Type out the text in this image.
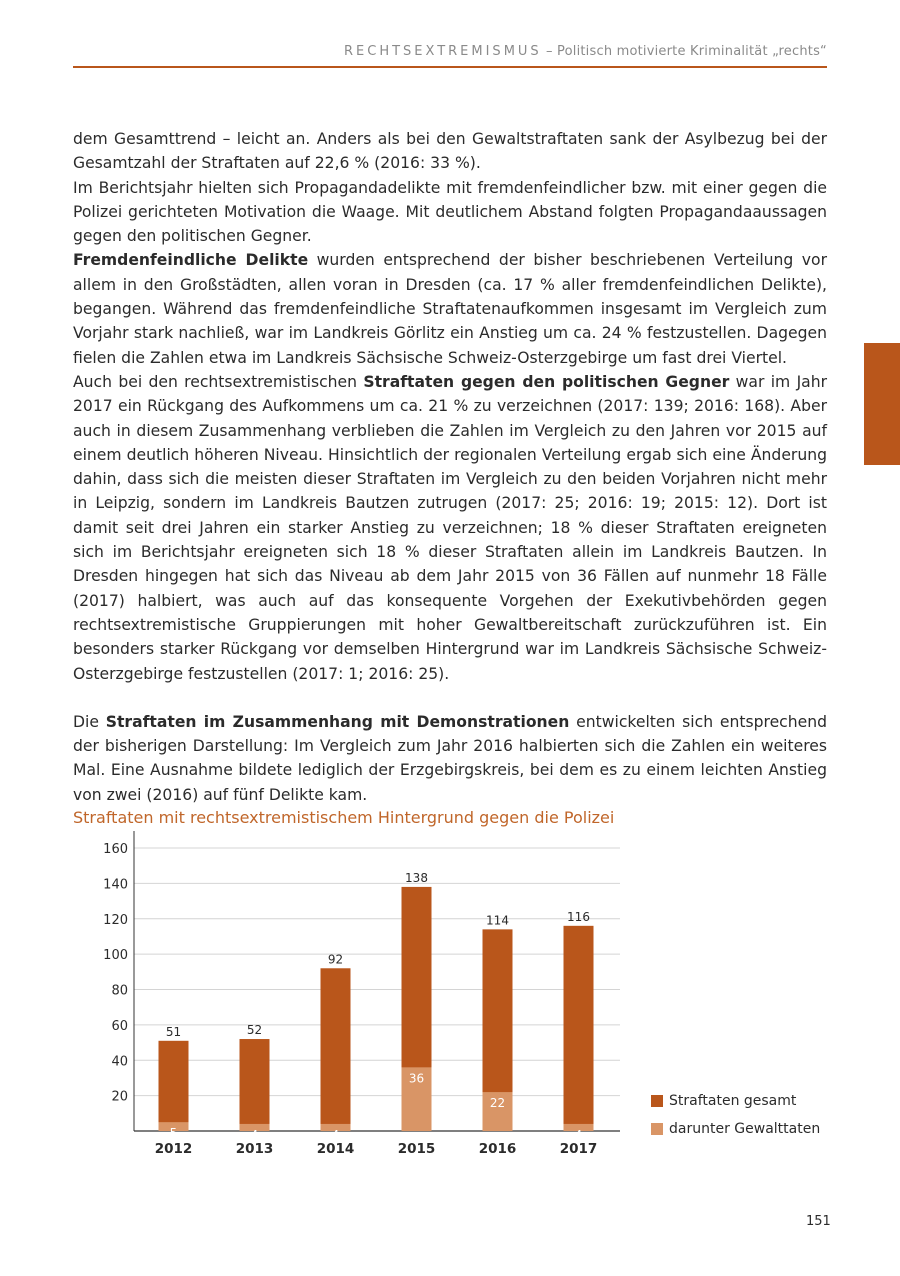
RECHTSEXTREMISMUS – Politisch motivierte Kriminalität „rechts“

dem Gesamttrend – leicht an. Anders als bei den Gewaltstraftaten sank der Asylbezug bei der Gesamtzahl der Straftaten auf 22,6 % (2016: 33 %).

Im Berichtsjahr hielten sich Propagandadelikte mit fremdenfeindlicher bzw. mit einer gegen die Polizei gerichteten Motivation die Waage. Mit deutlichem Abstand folgten Propagandaaussagen gegen den politischen Gegner.

Fremdenfeindliche Delikte wurden entsprechend der bisher beschriebenen Verteilung vor allem in den Großstädten, allen voran in Dresden (ca. 17 % aller fremdenfeindlichen Delikte), begangen. Während das fremdenfeindliche Straftatenaufkommen insgesamt im Vergleich zum Vorjahr stark nachließ, war im Landkreis Görlitz ein Anstieg um ca. 24 % festzustellen. Dagegen fielen die Zahlen etwa im Landkreis Sächsische Schweiz-Osterzgebirge um fast drei Viertel.

Auch bei den rechtsextremistischen Straftaten gegen den politischen Gegner war im Jahr 2017 ein Rückgang des Aufkommens um ca. 21 % zu verzeichnen (2017: 139; 2016: 168). Aber auch in diesem Zusammenhang verblieben die Zahlen im Vergleich zu den Jahren vor 2015 auf einem deutlich höheren Niveau. Hinsichtlich der regionalen Verteilung ergab sich eine Änderung dahin, dass sich die meisten dieser Straftaten im Vergleich zu den beiden Vorjahren nicht mehr in Leipzig, sondern im Landkreis Bautzen zutrugen (2017: 25; 2016: 19; 2015: 12). Dort ist damit seit drei Jahren ein starker Anstieg zu verzeichnen; 18 % dieser Straftaten ereigneten sich im Berichtsjahr ereigneten sich 18 % dieser Straftaten allein im Landkreis Bautzen. In Dresden hingegen hat sich das Niveau ab dem Jahr 2015 von 36 Fällen auf nunmehr 18 Fälle (2017) halbiert, was auch auf das konsequente Vorgehen der Exekutivbehörden gegen rechtsextremistische Gruppierungen mit hoher Gewaltbereitschaft zurückzuführen ist. Ein besonders starker Rückgang vor demselben Hintergrund war im Landkreis Sächsische Schweiz-Osterzgebirge festzustellen (2017: 1; 2016: 25).

Die Straftaten im Zusammenhang mit Demonstrationen entwickelten sich entsprechend der bisherigen Darstellung: Im Vergleich zum Jahr 2016 halbierten sich die Zahlen ein weiteres Mal. Eine Ausnahme bildete lediglich der Erzgebirgskreis, bei dem es zu einem leichten Anstieg von zwei (2016) auf fünf Delikte kam.

Straftaten mit rechtsextremistischem Hintergrund gegen die Polizei
20
40
60
80
100
120
140
160
51
5
2012
52
4
2013
92
4
2014
138
36
2015
114
22
2016
116
4
2017
Straftaten gesamt
darunter Gewalttaten
151
